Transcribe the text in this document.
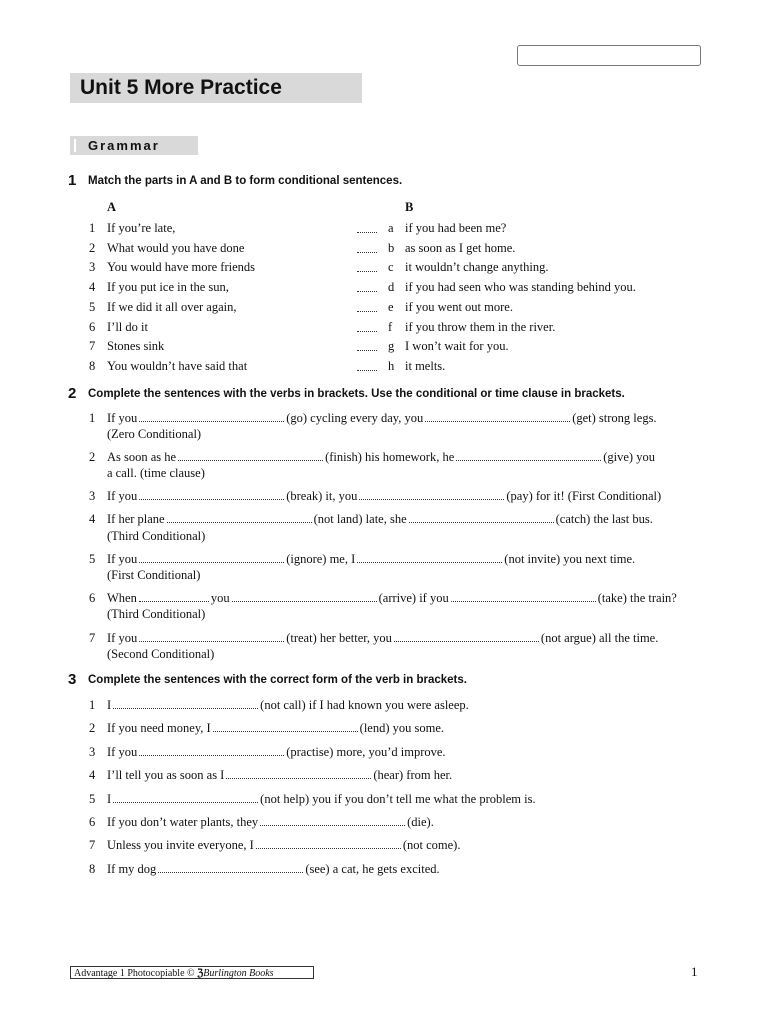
Unit 5 More Practice
Grammar
1 Match the parts in A and B to form conditional sentences.
A	B
1 If you’re late,	a if you had been me?
2 What would you have done	b as soon as I get home.
3 You would have more friends	c it wouldn’t change anything.
4 If you put ice in the sun,	d if you had seen who was standing behind you.
5 If we did it all over again,	e if you went out more.
6 I’ll do it	f if you throw them in the river.
7 Stones sink	g I won’t wait for you.
8 You wouldn’t have said that	h it melts.
2 Complete the sentences with the verbs in brackets. Use the conditional or time clause in brackets.
1 If you	(go) cycling every day, you	(get) strong legs.
(Zero Conditional)
2 As soon as he	(finish) his homework, he	(give) you
a call. (time clause)
3 If you	(break) it, you	(pay) for it! (First Conditional)
4 If her plane	(not land) late, she	(catch) the last bus.
(Third Conditional)
5 If you	(ignore) me, I	(not invite) you next time.
(First Conditional)
6 When	you	(arrive) if you	(take) the train?
(Third Conditional)
7 If you	(treat) her better, you	(not argue) all the time.
(Second Conditional)
3 Complete the sentences with the correct form of the verb in brackets.
1 I	(not call) if I had known you were asleep.
2 If you need money, I	(lend) you some.
3 If you	(practise) more, you’d improve.
4 I’ll tell you as soon as I	(hear) from her.
5 I	(not help) you if you don’t tell me what the problem is.
6 If you don’t water plants, they	(die).
7 Unless you invite everyone, I	(not come).
8 If my dog	(see) a cat, he gets excited.
Advantage 1 Photocopiable © ℨBurlington Books	1
